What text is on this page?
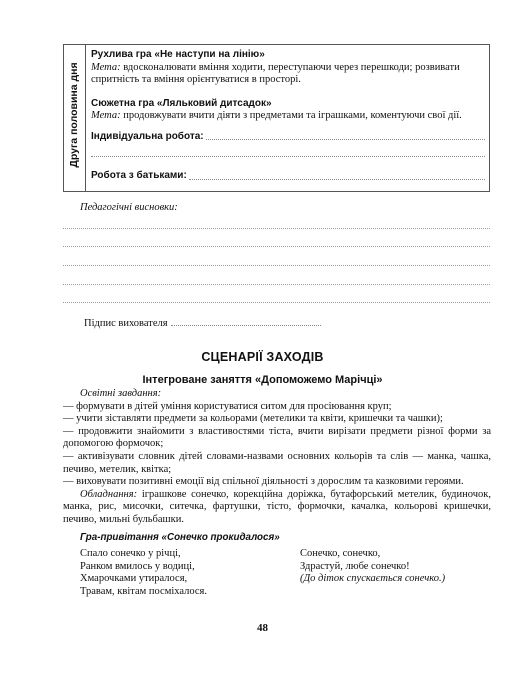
Друга половина дня

Рухлива гра «Не наступи на лінію»

Мета: вдосконалювати вміння ходити, переступаючи через перешкоди; розвивати

спритність та вміння орієнтуватися в просторі.

Сюжетна гра «Ляльковий дитсадок»

Мета: продовжувати вчити діяти з предметами та іграшками, коментуючи свої дії.

Індивідуальна робота:
Робота з батьками:
Педагогічні висновки:
Підпис вихователя
СЦЕНАРІЇ ЗАХОДІВ
Інтегроване заняття «Допоможемо Марічці»

Освітні завдання:

— формувати в дітей уміння користуватися ситом для просіювання круп;

— учити зіставляти предмети за кольорами (метелики та квіти, кришечки та чашки);

— продовжити знайомити з властивостями тіста, вчити вирізати предмети різної форми за допомогою формочок;

— активізувати словник дітей словами-назвами основних кольорів та слів — манка, чашка, печиво, метелик, квітка;

— виховувати позитивні емоції від спільної діяльності з дорослим та казковими героями.

Обладнання: іграшкове сонечко, корекційна доріжка, бутафорський метелик, будиночок, манка, рис, мисочки, ситечка, фартушки, тісто, формочки, качалка, кольорові кришечки, печиво, мильні бульбашки.

Гра-привітання «Сонечко прокидалося»
Спало сонечко у річці,
Ранком вмилось у водиці,
Хмарочками утиралося,
Травам, квітам посміхалося.
Сонечко, сонечко,
Здрастуй, любе сонечко!
(До діток спускається сонечко.)
48
